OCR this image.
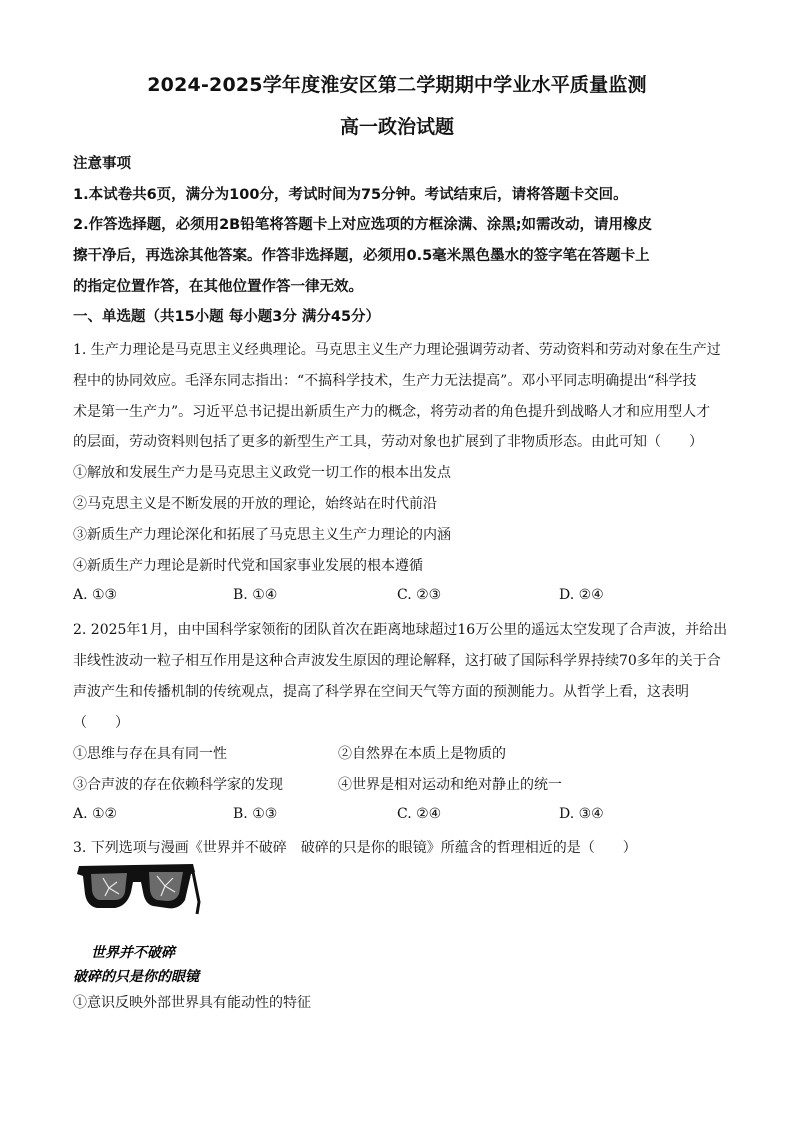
2024-2025学年度淮安区第二学期期中学业水平质量监测
高一政治试题
注意事项
1.本试卷共6页，满分为100分，考试时间为75分钟。考试结束后，请将答题卡交回。
2.作答选择题，必须用2B铅笔将答题卡上对应选项的方框涂满、涂黑;如需改动，请用橡皮
擦干净后，再选涂其他答案。作答非选择题，必须用0.5毫米黑色墨水的签字笔在答题卡上
的指定位置作答，在其他位置作答一律无效。
一、单选题（共15小题 每小题3分 满分45分）
1. 生产力理论是马克思主义经典理论。马克思主义生产力理论强调劳动者、劳动资料和劳动对象在生产过
程中的协同效应。毛泽东同志指出：“不搞科学技术，生产力无法提高”。邓小平同志明确提出“科学技
术是第一生产力”。习近平总书记提出新质生产力的概念，将劳动者的角色提升到战略人才和应用型人才
的层面，劳动资料则包括了更多的新型生产工具，劳动对象也扩展到了非物质形态。由此可知（　　）
①解放和发展生产力是马克思主义政党一切工作的根本出发点
②马克思主义是不断发展的开放的理论，始终站在时代前沿
③新质生产力理论深化和拓展了马克思主义生产力理论的内涵
④新质生产力理论是新时代党和国家事业发展的根本遵循
A. ①③	B. ①④	C. ②③	D. ②④
2. 2025年1月，由中国科学家领衔的团队首次在距离地球超过16万公里的遥远太空发现了合声波，并给出
非线性波动一粒子相互作用是这种合声波发生原因的理论解释，这打破了国际科学界持续70多年的关于合
声波产生和传播机制的传统观点，提高了科学界在空间天气等方面的预测能力。从哲学上看，这表明
（　　）
①思维与存在具有同一性	②自然界在本质上是物质的
③合声波的存在依赖科学家的发现	④世界是相对运动和绝对静止的统一
A. ①②	B. ①③	C. ②④	D. ③④
3. 下列选项与漫画《世界并不破碎　破碎的只是你的眼镜》所蕴含的哲理相近的是（　　）
世界并不破碎
破碎的只是你的眼镜
①意识反映外部世界具有能动性的特征
